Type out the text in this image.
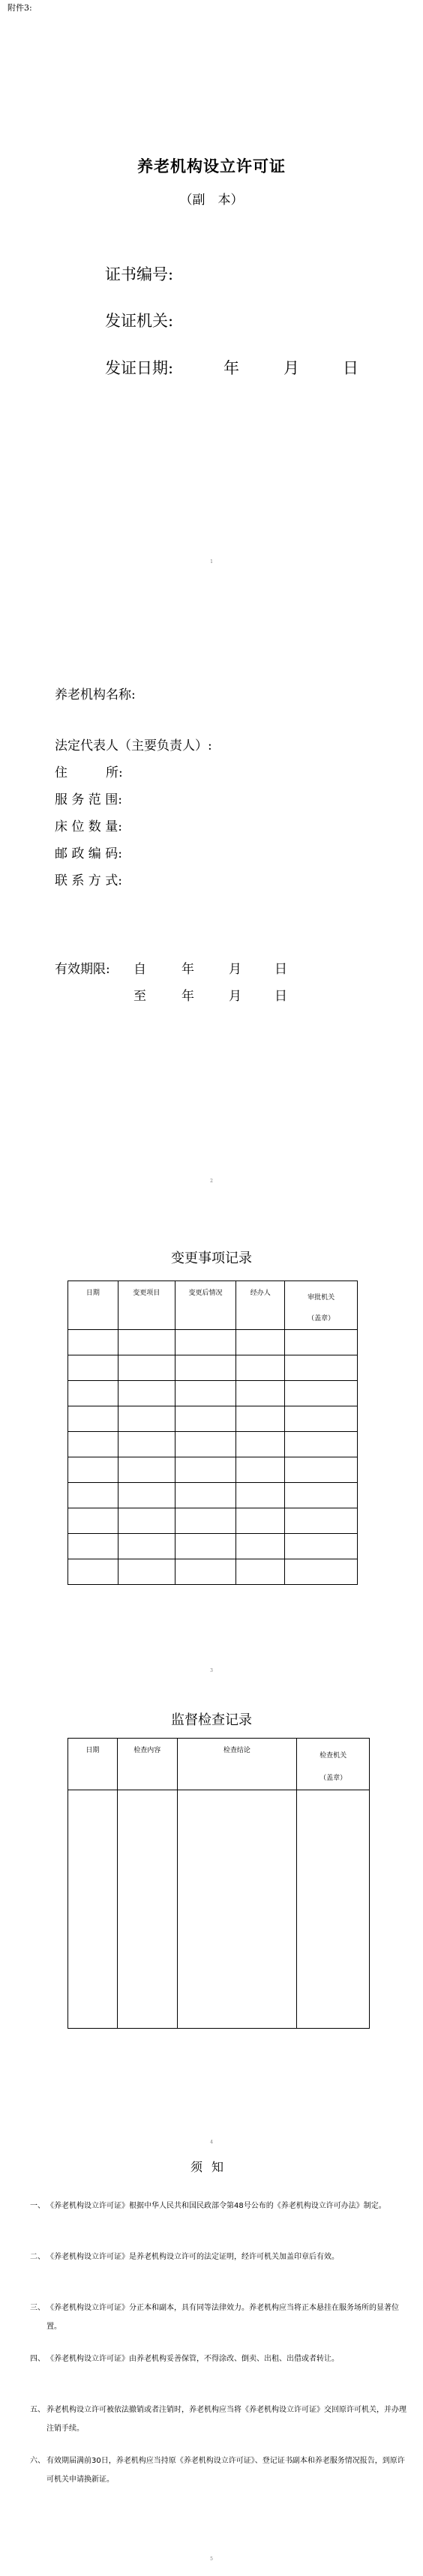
附件3:
养老机构设立许可证
（副　本）
证书编号:
发证机关:
发证日期:	年	月	日
1
养老机构名称:
法定代表人（主要负责人）:
住　　　所:
服 务 范 围:
床 位 数 量:
邮 政 编 码:
联 系 方 式:
有效期限: 自	年	月	日
至	年	月	日
2
变更事项记录
日期	变更项目	变更后情况	经办人	审批机关
（盖章）

3
监督检查记录
日期	检查内容	检查结论	检查机关
（盖章）

4
须知
一、 《养老机构设立许可证》根据中华人民共和国民政部令第48号公布的《养老机构设立许可办法》制定。
二、 《养老机构设立许可证》是养老机构设立许可的法定证明，经许可机关加盖印章后有效。
三、 《养老机构设立许可证》分正本和副本，具有同等法律效力。养老机构应当将正本悬挂在服务场所的显著位置。
四、 《养老机构设立许可证》由养老机构妥善保管，不得涂改、倒卖、出租、出借或者转让。
五、 养老机构设立许可被依法撤销或者注销时，养老机构应当将《养老机构设立许可证》交回原许可机关，并办理注销手续。
六、 有效期届满前30日，养老机构应当持原《养老机构设立许可证》、登记证书副本和养老服务情况报告，到原许可机关申请换新证。
5
